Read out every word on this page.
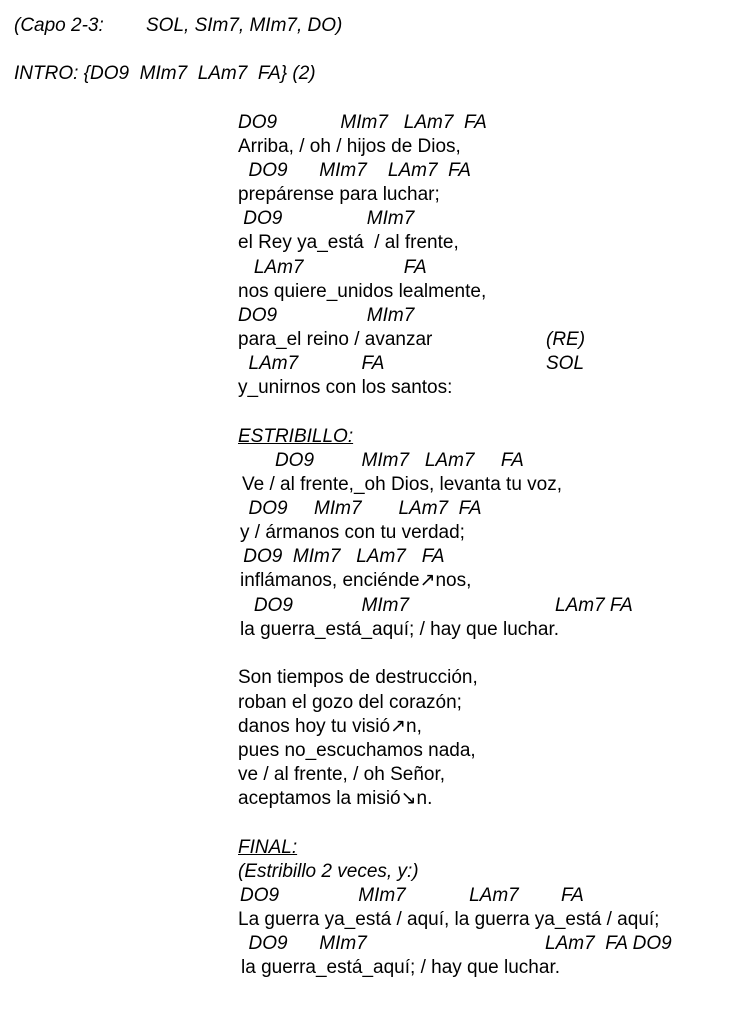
(Capo 2-3:        SOL, SIm7, MIm7, DO)

INTRO: {DO9  MIm7  LAm7  FA} (2)

DO9            MIm7   LAm7  FA

Arriba, / oh / hijos de Dios,

DO9      MIm7    LAm7  FA

prepárense para luchar;

DO9                MIm7

el Rey ya_está  / al frente,

LAm7                   FA

nos quiere_unidos lealmente,

DO9                 MIm7

para_el reino / avanzar	(RE)

LAm7            FA	SOL

y_unirnos con los santos:

ESTRIBILLO:

DO9         MIm7   LAm7     FA

Ve / al frente,_oh Dios, levanta tu voz,

DO9     MIm7       LAm7  FA

y / ármanos con tu verdad;

DO9  MIm7   LAm7   FA

inflámanos, enciénde↗nos,

DO9             MIm7	LAm7 FA

la guerra_está_aquí; / hay que luchar.

Son tiempos de destrucción,

roban el gozo del corazón;

danos hoy tu visió↗n,

pues no_escuchamos nada,

ve / al frente, / oh Señor,

aceptamos la misió↘n.

FINAL:

(Estribillo 2 veces, y:)

DO9               MIm7            LAm7        FA

La guerra ya_está / aquí, la guerra ya_está / aquí;

DO9      MIm7	LAm7  FA DO9

la guerra_está_aquí; / hay que luchar.
